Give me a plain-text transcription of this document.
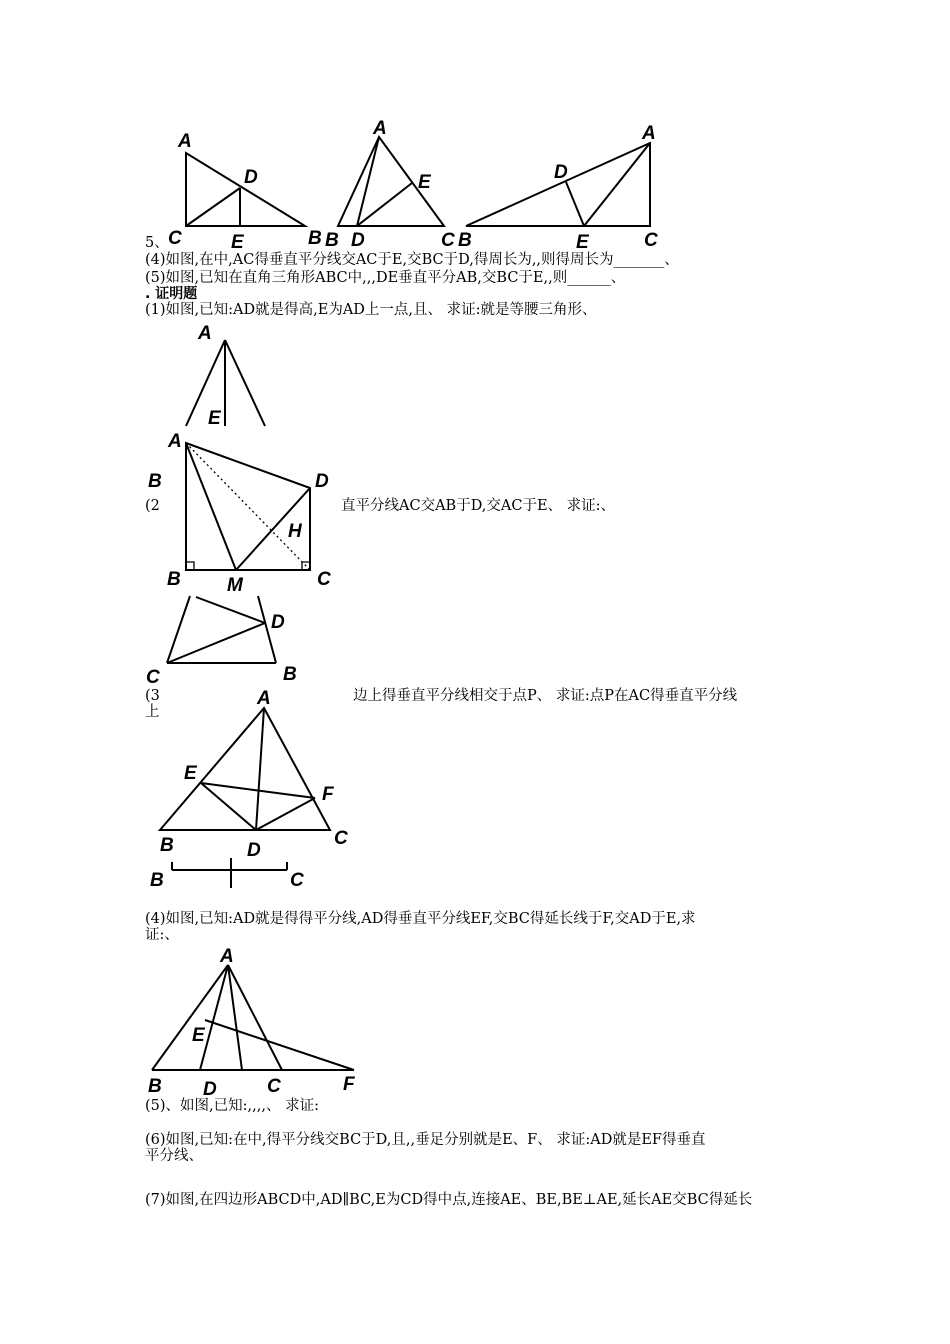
A
D
C	E	B
A
E
B D	C
A
D
B	E	C
5、
(4)如图,在中,AC得垂直平分线交AC于E,交BC于D,得周长为,,则得周长为_______、
(5)如图,已知在直角三角形ABC中,,,DE垂直平分AB,交BC于E,,则______、
. 证明题
(1)如图,已知:AD就是得高,E为AD上一点,且、 求证:就是等腰三角形、
A
E
A
D
H
B M	C
B
(2	直平分线AC交AB于D,交AC于E、 求证:、
D
C	B
(3
上
边上得垂直平分线相交于点P、 求证:点P在AC得垂直平分线
A
E
F
B	D
C
B	C
(4)如图,已知:AD就是得得平分线,AD得垂直平分线EF,交BC得延长线于F,交AD于E,求
证:、
A
E
B D	C	F
(5)、如图,已知:,,,,、 求证:
(6)如图,已知:在中,得平分线交BC于D,且,,垂足分别就是E、F、 求证:AD就是EF得垂直
平分线、
(7)如图,在四边形ABCD中,AD∥BC,E为CD得中点,连接AE、BE,BE⊥AE,延长AE交BC得延长
